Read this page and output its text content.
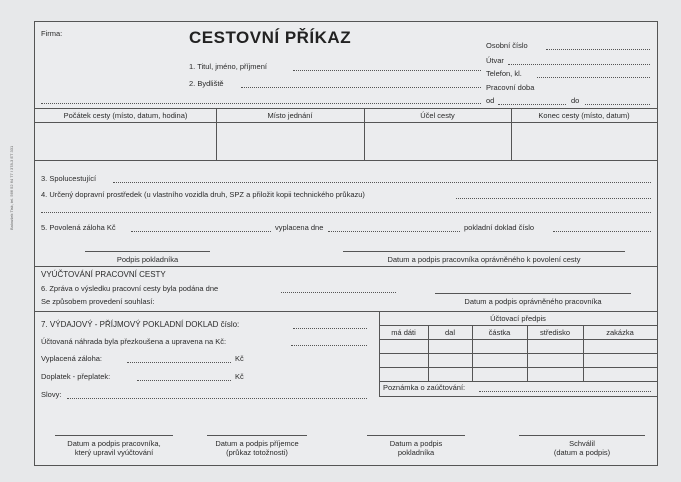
Baloušek Tisk, tel. 566 52 64 77 / 378-3 ET 331
Firma:	CESTOVNÍ PŘÍKAZ
1. Titul, jméno, příjmení
2. Bydliště
Osobní číslo
Útvar
Telefon, kl.
Pracovní doba
od	do
Počátek cesty (místo, datum, hodina)	Místo jednání	Účel cesty	Konec cesty (místo, datum)
3. Spolucestující
4. Určený dopravní prostředek (u vlastního vozidla druh, SPZ a přiložit kopii technického průkazu)
5. Povolená záloha Kč	vyplacena dne	pokladní doklad číslo
Podpis pokladníka	Datum a podpis pracovníka oprávněného k povolení cesty
VYÚČTOVÁNÍ PRACOVNÍ CESTY
6. Zpráva o výsledku pracovní cesty byla podána dne
Se způsobem provedení souhlasí:	Datum a podpis oprávněného pracovníka
7. VÝDAJOVÝ - PŘÍJMOVÝ POKLADNÍ DOKLAD číslo:
Účtovaná náhrada byla přezkoušena a upravena na Kč:
Vyplacená záloha:	Kč
Doplatek - přeplatek:	Kč
Slovy:
Účtovací předpis
má dáti	dal	částka	středisko	zakázka
Poznámka o zaúčtování:
Datum a podpis pracovníka,
který upravil vyúčtování
Datum a podpis příjemce
(průkaz totožnosti)
Datum a podpis
pokladníka
Schválil
(datum a podpis)
